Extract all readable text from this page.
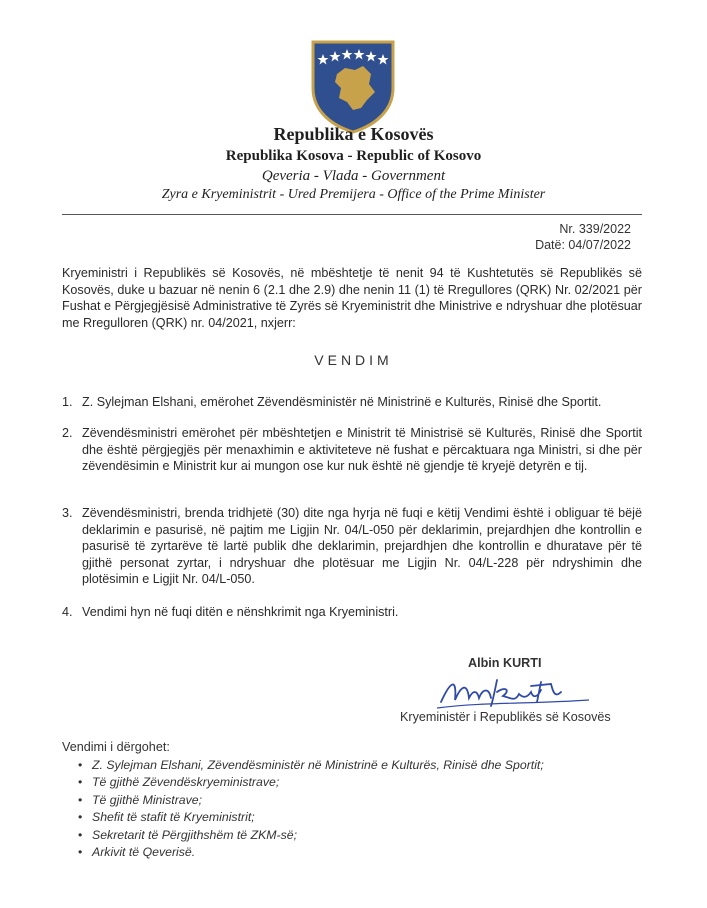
Republika e Kosovës
Republika Kosova - Republic of Kosovo
Qeveria - Vlada - Government
Zyra e Kryeministrit - Ured Premijera - Office of the Prime Minister
Nr. 339/2022
Datë: 04/07/2022
Kryeministri i Republikës së Kosovës, në mbështetje të nenit 94 të Kushtetutës së Republikës së Kosovës, duke u bazuar në nenin 6 (2.1 dhe 2.9) dhe nenin 11 (1) të Rregullores (QRK) Nr. 02/2021 për Fushat e Përgjegjësisë Administrative të Zyrës së Kryeministrit dhe Ministrive e ndryshuar dhe plotësuar me Rregulloren (QRK) nr. 04/2021, nxjerr:
VENDIM
1. Z. Sylejman Elshani, emërohet Zëvendësministër në Ministrinë e Kulturës, Rinisë dhe Sportit.
2. Zëvendësministri emërohet për mbështetjen e Ministrit të Ministrisë së Kulturës, Rinisë dhe Sportit dhe është përgjegjës për menaxhimin e aktiviteteve në fushat e përcaktuara nga Ministri, si dhe për zëvendësimin e Ministrit kur ai mungon ose kur nuk është në gjendje të kryejë detyrën e tij.
3. Zëvendësministri, brenda tridhjetë (30) dite nga hyrja në fuqi e këtij Vendimi është i obliguar të bëjë deklarimin e pasurisë, në pajtim me Ligjin Nr. 04/L-050 për deklarimin, prejardhjen dhe kontrollin e pasurisë të zyrtarëve të lartë publik dhe deklarimin, prejardhjen dhe kontrollin e dhuratave për të gjithë personat zyrtar, i ndryshuar dhe plotësuar me Ligjin Nr. 04/L-228 për ndryshimin dhe plotësimin e Ligjit Nr. 04/L-050.
4. Vendimi hyn në fuqi ditën e nënshkrimit nga Kryeministri.
Albin KURTI
Kryeministër i Republikës së Kosovës
Vendimi i dërgohet:
• Z. Sylejman Elshani, Zëvendësministër në Ministrinë e Kulturës, Rinisë dhe Sportit;
• Të gjithë Zëvendëskryeministrave;
• Të gjithë Ministrave;
• Shefit të stafit të Kryeministrit;
• Sekretarit të Përgjithshëm të ZKM-së;
• Arkivit të Qeverisë.
